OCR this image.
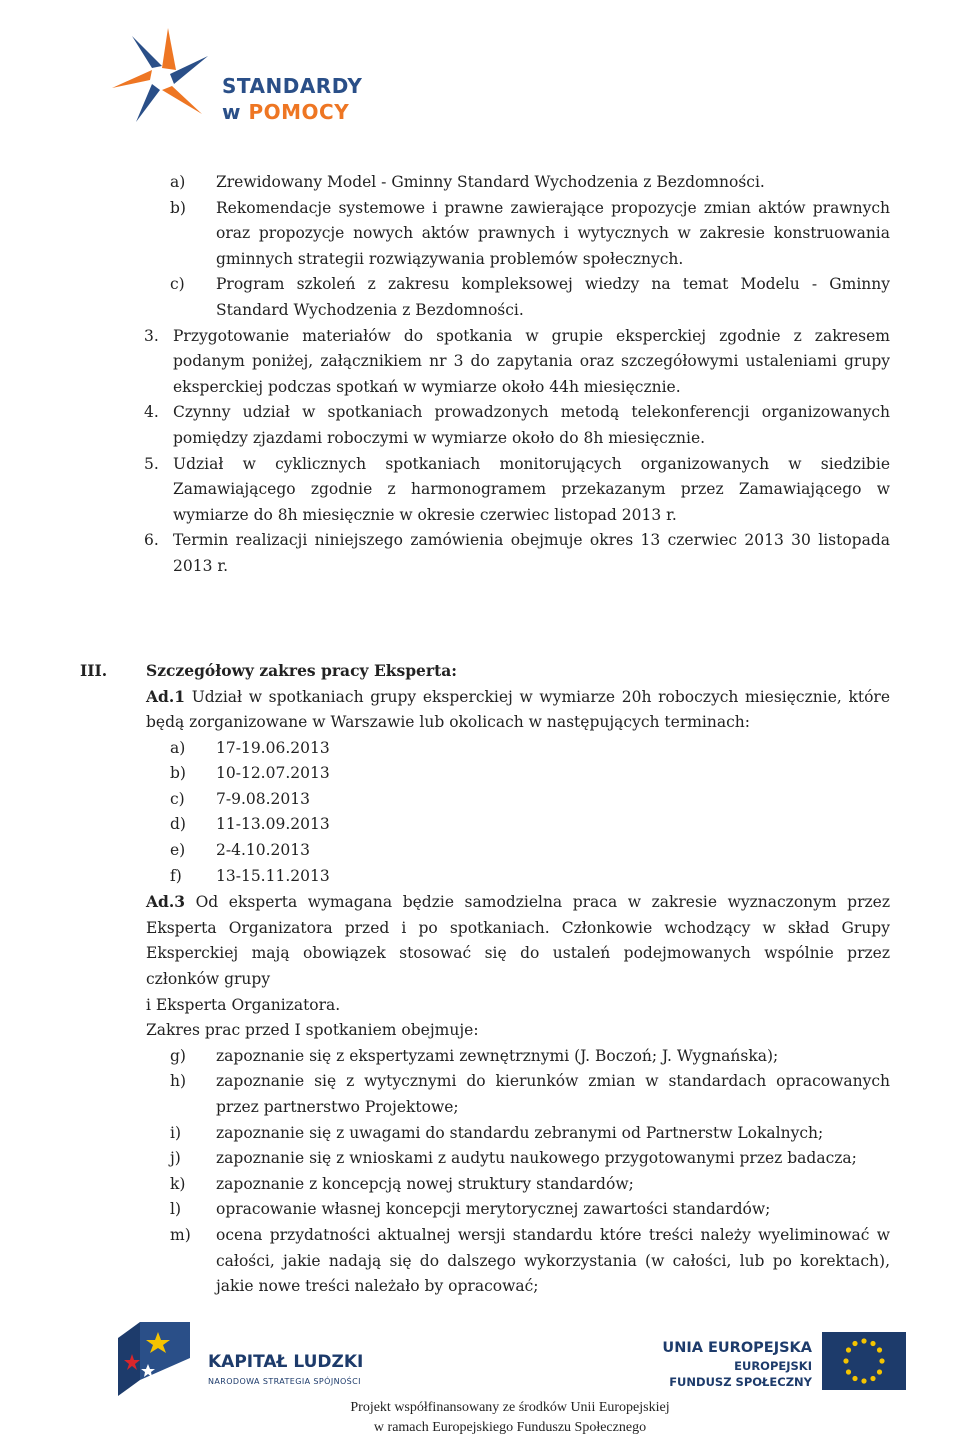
STANDARDY
w POMOCY
a) Zrewidowany Model - Gminny Standard Wychodzenia z Bezdomności.
b) Rekomendacje systemowe i prawne zawierające propozycje zmian aktów prawnych oraz propozycje nowych aktów prawnych i wytycznych w zakresie konstruowania gminnych strategii rozwiązywania problemów społecznych.
c) Program szkoleń z zakresu kompleksowej wiedzy na temat Modelu - Gminny Standard Wychodzenia z Bezdomności.
3. Przygotowanie materiałów do spotkania w grupie eksperckiej zgodnie z zakresem podanym poniżej, załącznikiem nr 3 do zapytania oraz szczegółowymi ustaleniami grupy eksperckiej podczas spotkań w wymiarze około 44h miesięcznie.
4. Czynny udział w spotkaniach prowadzonych metodą telekonferencji organizowanych pomiędzy zjazdami roboczymi w wymiarze około do 8h miesięcznie.
5. Udział w cyklicznych spotkaniach monitorujących organizowanych w siedzibie Zamawiającego zgodnie z harmonogramem przekazanym przez Zamawiającego w wymiarze do 8h miesięcznie w okresie czerwiec listopad 2013 r.
6. Termin realizacji niniejszego zamówienia obejmuje okres 13 czerwiec 2013 30 listopada 2013 r.
III.	Szczegółowy zakres pracy Eksperta:
Ad.1 Udział w spotkaniach grupy eksperckiej w wymiarze 20h roboczych miesięcznie, które będą zorganizowane w Warszawie lub okolicach w następujących terminach:
a) 17-19.06.2013
b) 10-12.07.2013
c) 7-9.08.2013
d) 11-13.09.2013
e) 2-4.10.2013
f) 13-15.11.2013
Ad.3 Od eksperta wymagana będzie samodzielna praca w zakresie wyznaczonym przez Eksperta Organizatora przed i po spotkaniach. Członkowie wchodzący w skład Grupy Eksperckiej mają obowiązek stosować się do ustaleń podejmowanych wspólnie przez członków grupy
i Eksperta Organizatora.
Zakres prac przed I spotkaniem obejmuje:
g) zapoznanie się z ekspertyzami zewnętrznymi (J. Boczoń; J. Wygnańska);
h) zapoznanie się z wytycznymi do kierunków zmian w standardach opracowanych przez partnerstwo Projektowe;
i) zapoznanie się z uwagami do standardu zebranymi od Partnerstw Lokalnych;
j) zapoznanie się z wnioskami z audytu naukowego przygotowanymi przez badacza;
k) zapoznanie z koncepcją nowej struktury standardów;
l) opracowanie własnej koncepcji merytorycznej zawartości standardów;
m) ocena przydatności aktualnej wersji standardu które treści należy wyeliminować w całości, jakie nadają się do dalszego wykorzystania (w całości, lub po korektach), jakie nowe treści należało by opracować;
KAPITAŁ LUDZKI
NARODOWA STRATEGIA SPÓJNOŚCI
UNIA EUROPEJSKA
EUROPEJSKI
FUNDUSZ SPOŁECZNY
Projekt współfinansowany ze środków Unii Europejskiej
w ramach Europejskiego Funduszu Społecznego
